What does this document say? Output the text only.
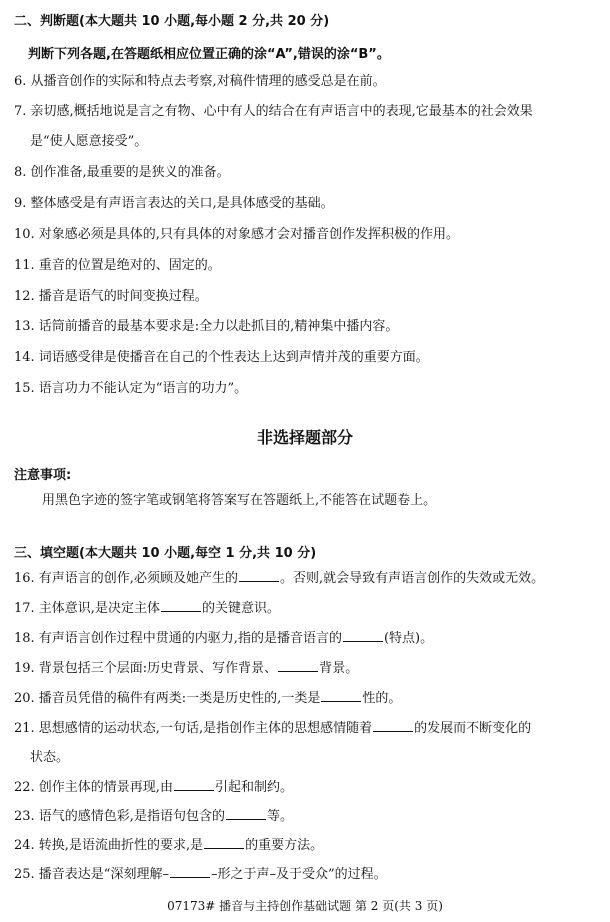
二、判断题(本大题共 10 小题,每小题 2 分,共 20 分)
判断下列各题,在答题纸相应位置正确的涂“A”,错误的涂“B”。
6. 从播音创作的实际和特点去考察,对稿件情理的感受总是在前。
7. 亲切感,概括地说是言之有物、心中有人的结合在有声语言中的表现,它最基本的社会效果
是“使人愿意接受”。
8. 创作准备,最重要的是狭义的准备。
9. 整体感受是有声语言表达的关口,是具体感受的基础。
10. 对象感必须是具体的,只有具体的对象感才会对播音创作发挥积极的作用。
11. 重音的位置是绝对的、固定的。
12. 播音是语气的时间变换过程。
13. 话筒前播音的最基本要求是:全力以赴抓目的,精神集中播内容。
14. 词语感受律是使播音在自己的个性表达上达到声情并茂的重要方面。
15. 语言功力不能认定为“语言的功力”。
非选择题部分
注意事项:
用黑色字迹的签字笔或钢笔将答案写在答题纸上,不能答在试题卷上。
三、填空题(本大题共 10 小题,每空 1 分,共 10 分)
16. 有声语言的创作,必须顾及她产生的	。否则,就会导致有声语言创作的失效或无效。
17. 主体意识,是决定主体	的关键意识。
18. 有声语言创作过程中贯通的内驱力,指的是播音语言的	(特点)。
19. 背景包括三个层面:历史背景、写作背景、	背景。
20. 播音员凭借的稿件有两类:一类是历史性的,一类是	性的。
21. 思想感情的运动状态,一句话,是指创作主体的思想感情随着	的发展而不断变化的
状态。
22. 创作主体的情景再现,由	引起和制约。
23. 语气的感情色彩,是指语句包含的	等。
24. 转换,是语流曲折性的要求,是	的重要方法。
25. 播音表达是“深刻理解–	–形之于声–及于受众”的过程。
07173# 播音与主持创作基础试题 第 2 页(共 3 页)
